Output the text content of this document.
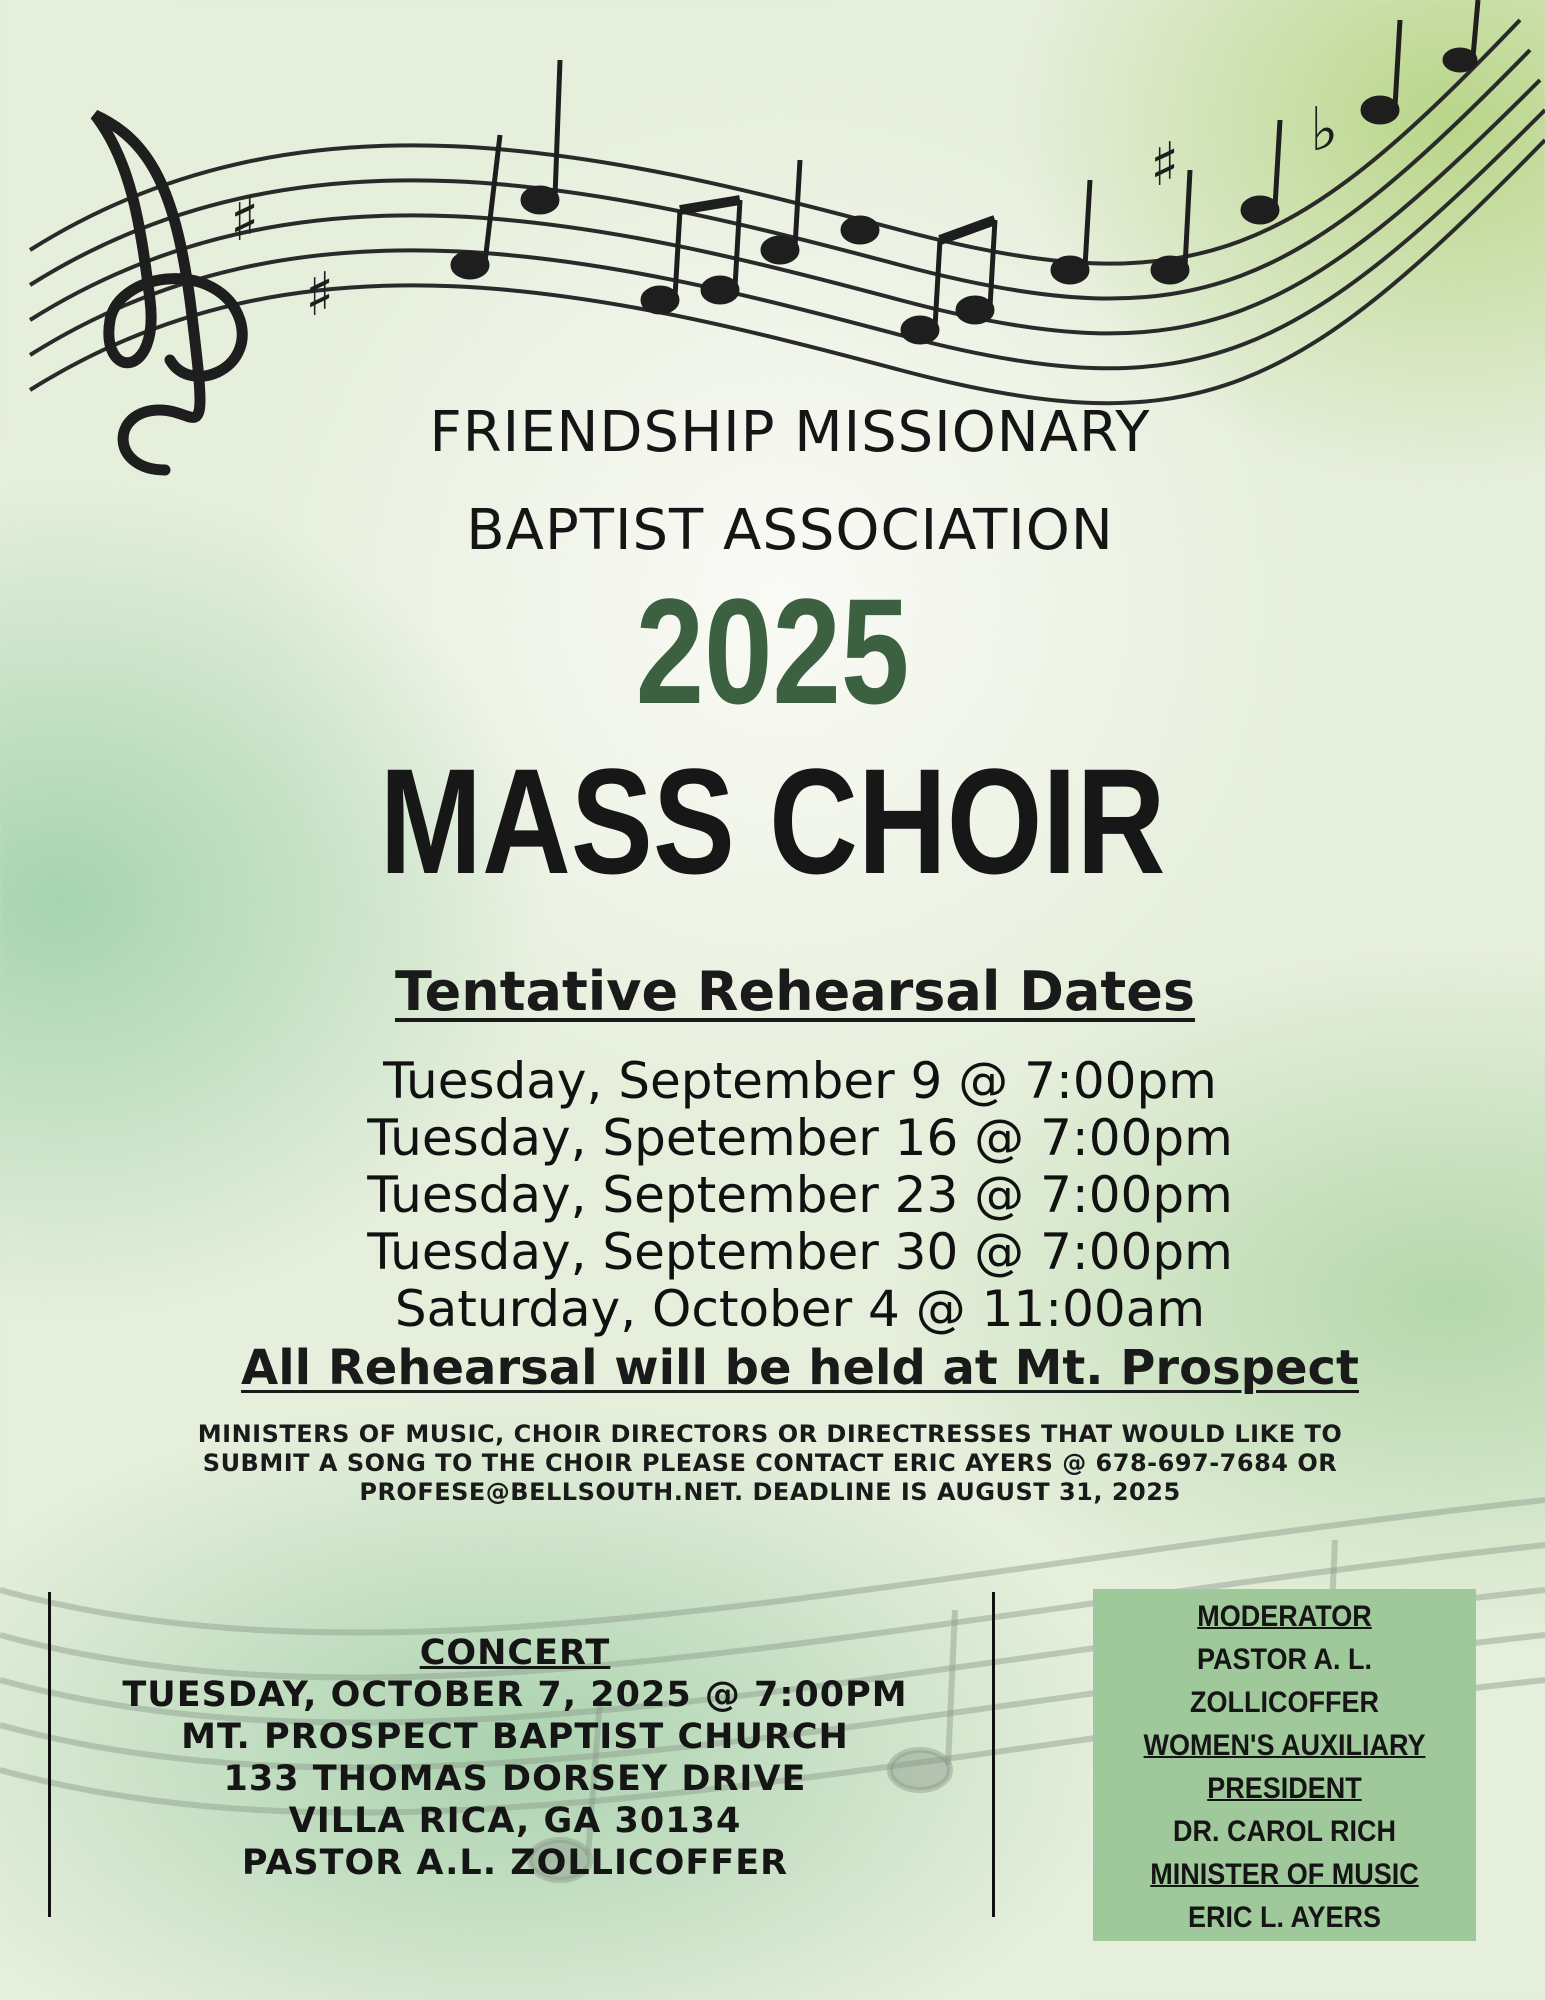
♯
♯
♯ ♭
FRIENDSHIP MISSIONARY
BAPTIST ASSOCIATION
2025
MASS CHOIR
Tentative Rehearsal Dates
Tuesday, September 9 @ 7:00pm
Tuesday, Spetember 16 @ 7:00pm
Tuesday, September 23 @ 7:00pm
Tuesday, September 30 @ 7:00pm
Saturday, October 4 @ 11:00am
All Rehearsal will be held at Mt. Prospect
MINISTERS OF MUSIC, CHOIR DIRECTORS OR DIRECTRESSES THAT WOULD LIKE TO
SUBMIT A SONG TO THE CHOIR PLEASE CONTACT ERIC AYERS @ 678-697-7684 OR
PROFESE@BELLSOUTH.NET. DEADLINE IS AUGUST 31, 2025
CONCERT
TUESDAY, OCTOBER 7, 2025 @ 7:00PM
MT. PROSPECT BAPTIST CHURCH
133 THOMAS DORSEY DRIVE
VILLA RICA, GA 30134
PASTOR A.L. ZOLLICOFFER
MODERATOR
PASTOR A. L.
ZOLLICOFFER
WOMEN'S AUXILIARY
PRESIDENT
DR. CAROL RICH
MINISTER OF MUSIC
ERIC L. AYERS
